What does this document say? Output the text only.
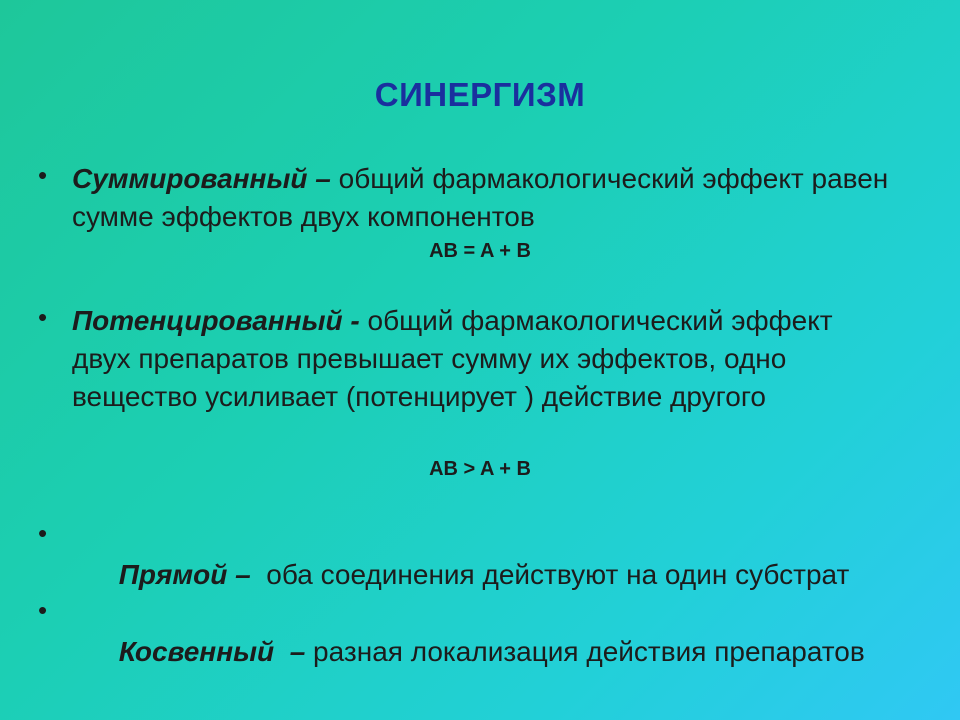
СИНЕРГИЗМ
• Суммированный – общий фармакологический эффект равен сумме эффектов двух компонентов
AB = A + B
• Потенцированный - общий фармакологический эффект двух препаратов превышает сумму их эффектов, одно вещество усиливает (потенцирует ) действие другого
AB > A + B
•

Прямой –  оба соединения действуют на один субстрат

•

Косвенный  – разная локализация действия препаратов
